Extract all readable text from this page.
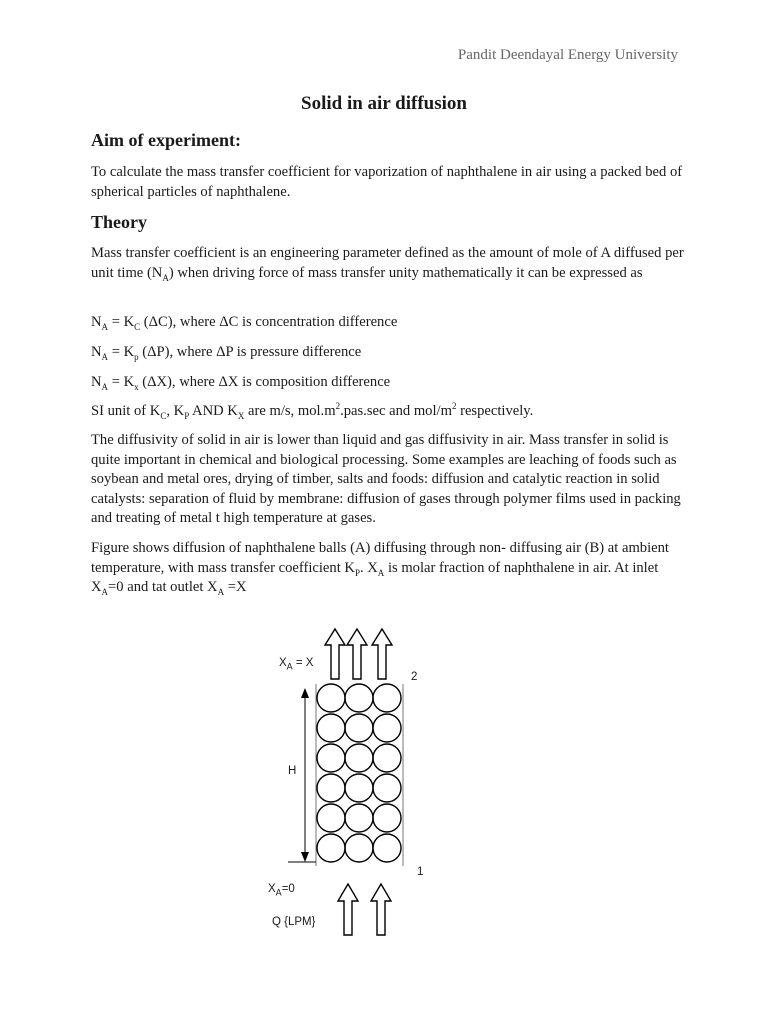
Pandit Deendayal Energy University
Solid in air diffusion
Aim of experiment:

To calculate the mass transfer coefficient for vaporization of naphthalene in air using a packed bed of spherical particles of naphthalene.

Theory

Mass transfer coefficient is an engineering parameter defined as the amount of mole of A diffused per unit time $(N_A)$ when driving force of mass transfer unity mathematically it can be expressed as

$N_A = K_C$ (ΔC), where ΔC is concentration difference

$N_A = K_p$ (ΔP), where ΔP is pressure difference

$N_A = K_x$ (ΔX), where ΔX is composition difference

SI unit of $K_C$, $K_P$ AND $K_X$ are m/s, $mol.m^2.pas.\sec$ and mol/$m^2$ respectively.

The diffusivity of solid in air is lower than liquid and gas diffusivity in air. Mass transfer in solid is quite important in chemical and biological processing. Some examples are leaching of foods such as soybean and metal ores, drying of timber, salts and foods: diffusion and catalytic reaction in solid catalysts: separation of fluid by membrane: diffusion of gases through polymer films used in packing and treating of metal t high temperature at gases.

Figure shows diffusion of naphthalene balls (A) diffusing through non- diffusing air (B) at ambient temperature, with mass transfer coefficient $K_P$. $X_A$ is molar fraction of naphthalene in air. At inlet $X_A=0$ and tat outlet $X_A =X$

$X_A = X$
2
H
1
$X_A=0$
Q {LPM}
